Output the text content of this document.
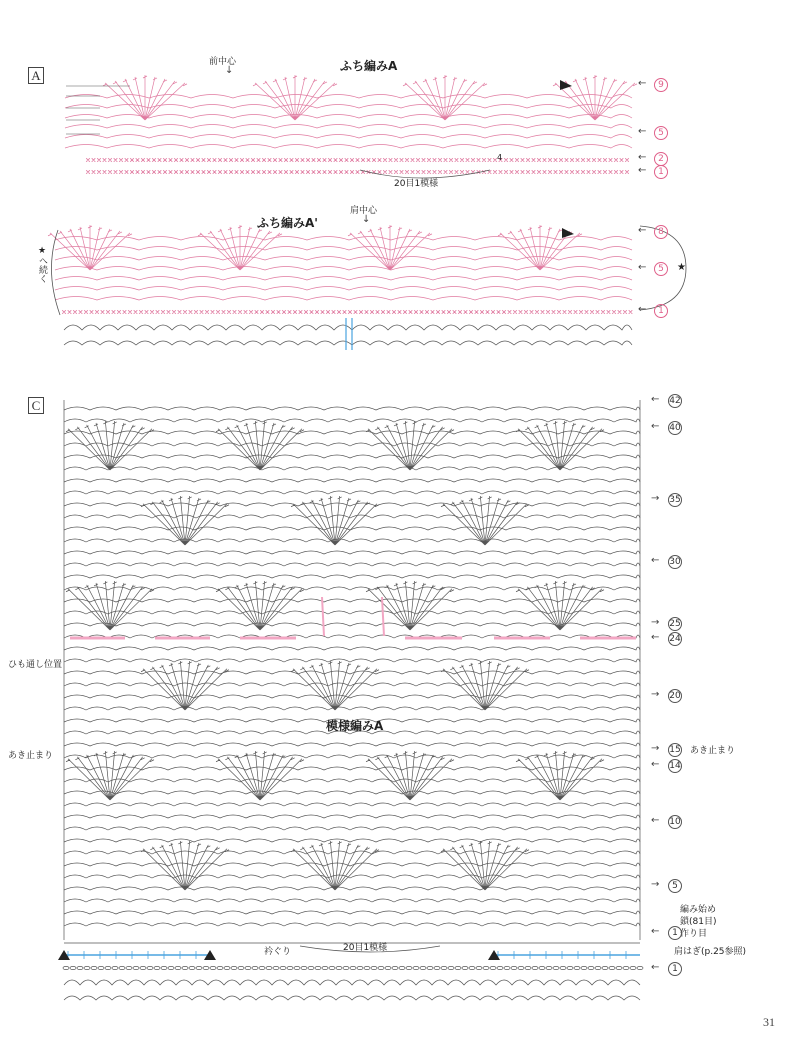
A
ふち編みA
前中心
↓
20目1模様
4
←	9
←	5
←	2
←	1
ふち編みA'
肩中心
↓
★へ続く	★
←	8
←	5
←	1
C
模様編みA
ひも通し位置
あき止まり	あき止まり
編み始め
鎖(81目)
作り目
衿ぐり	20目1模様	肩はぎ(p.25参照)
← 42
← 40
→ 35
← 30
→ 25
← 24
→ 20
→ 15
← 14
← 10
→	5
←	1
←	1
31
